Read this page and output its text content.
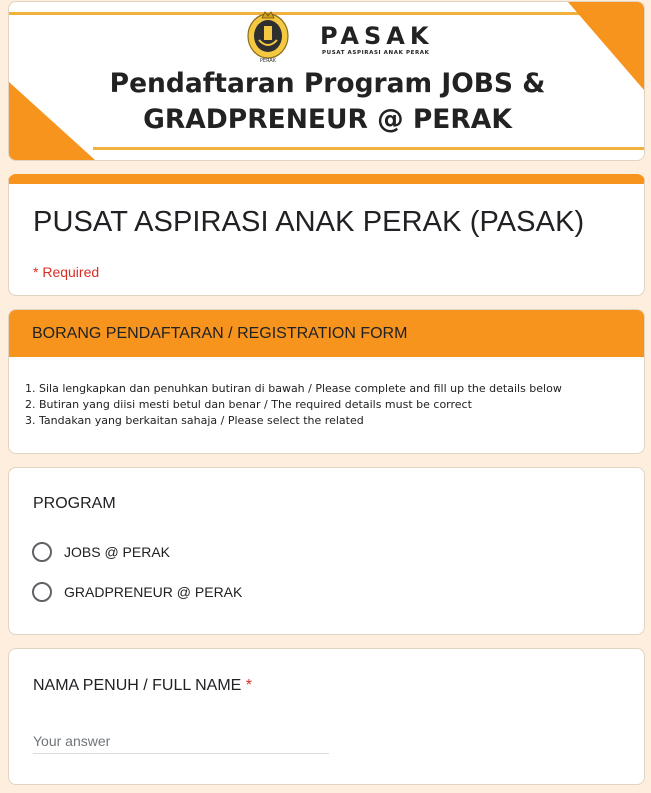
PERAK
PASAK
PUSAT ASPIRASI ANAK PERAK
Pendaftaran Program JOBS &
GRADPRENEUR @ PERAK
PUSAT ASPIRASI ANAK PERAK (PASAK)
* Required
BORANG PENDAFTARAN / REGISTRATION FORM
1. Sila lengkapkan dan penuhkan butiran di bawah / Please complete and fill up the details below
2. Butiran yang diisi mesti betul dan benar / The required details must be correct
3. Tandakan yang berkaitan sahaja / Please select the related
PROGRAM
JOBS @ PERAK
GRADPRENEUR @ PERAK
NAMA PENUH / FULL NAME *
Your answer
